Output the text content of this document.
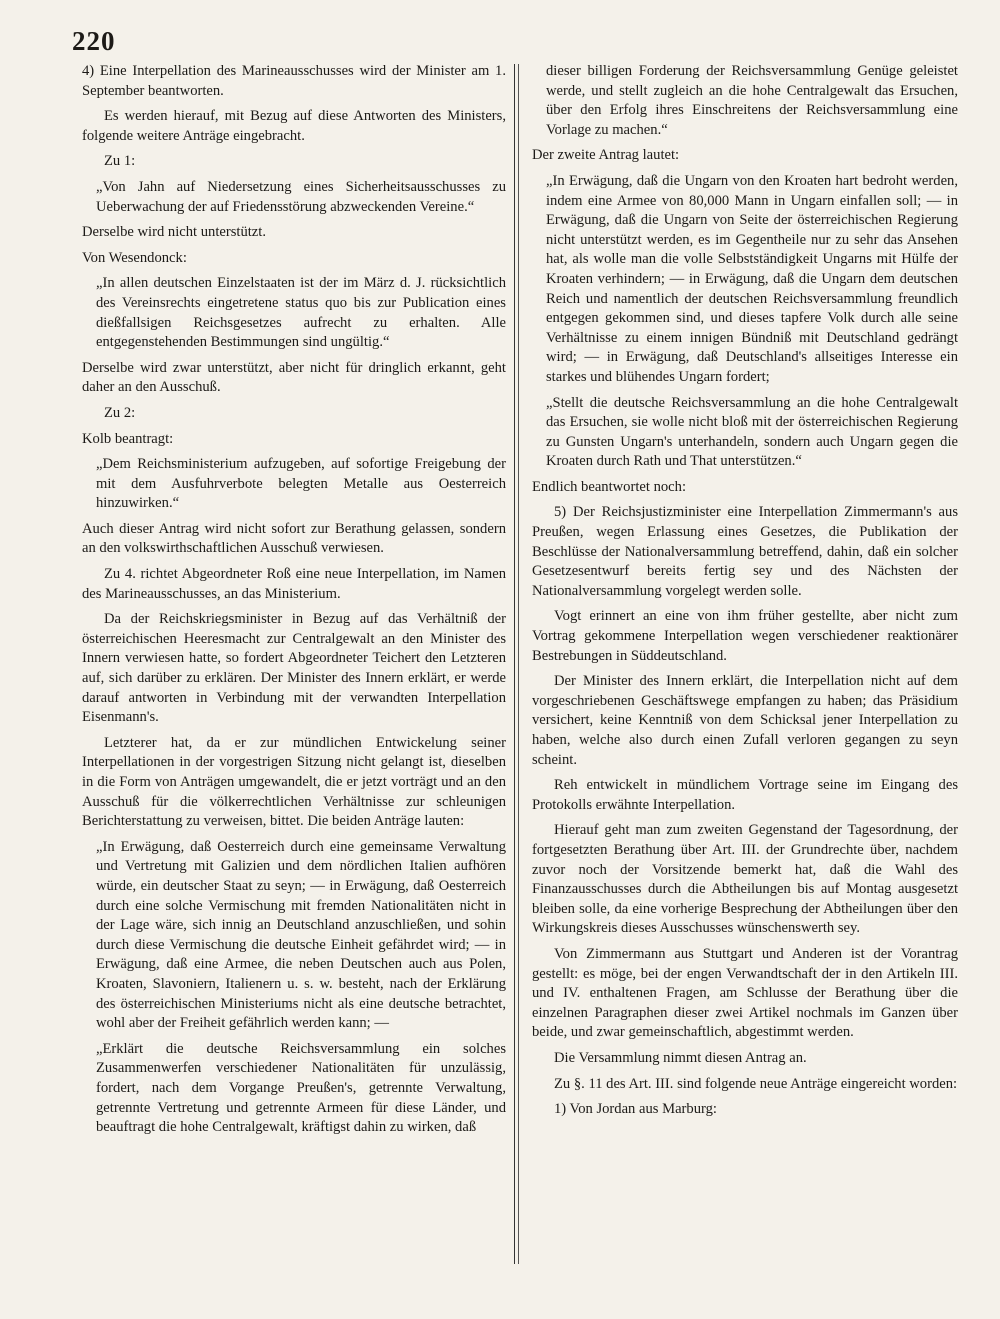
220

4) Eine Interpellation des Marineausschusses wird der Minister am 1. September beantworten.

Es werden hierauf, mit Bezug auf diese Antworten des Ministers, folgende weitere Anträge eingebracht.

Zu 1:

„Von Jahn auf Niedersetzung eines Sicherheitsausschusses zu Ueberwachung der auf Friedensstörung abzweckenden Vereine.“

Derselbe wird nicht unterstützt.

Von Wesendonck:

„In allen deutschen Einzelstaaten ist der im März d. J. rücksichtlich des Vereinsrechts eingetretene status quo bis zur Publication eines dießfallsigen Reichsgesetzes aufrecht zu erhalten. Alle entgegenstehenden Bestimmungen sind ungültig.“

Derselbe wird zwar unterstützt, aber nicht für dringlich erkannt, geht daher an den Ausschuß.

Zu 2:

Kolb beantragt:

„Dem Reichsministerium aufzugeben, auf sofortige Freigebung der mit dem Ausfuhrverbote belegten Metalle aus Oesterreich hinzuwirken.“

Auch dieser Antrag wird nicht sofort zur Berathung gelassen, sondern an den volkswirthschaftlichen Ausschuß verwiesen.

Zu 4. richtet Abgeordneter Roß eine neue Interpellation, im Namen des Marineausschusses, an das Ministerium.

Da der Reichskriegsminister in Bezug auf das Verhältniß der österreichischen Heeresmacht zur Centralgewalt an den Minister des Innern verwiesen hatte, so fordert Abgeordneter Teichert den Letzteren auf, sich darüber zu erklären. Der Minister des Innern erklärt, er werde darauf antworten in Verbindung mit der verwandten Interpellation Eisenmann's.

Letzterer hat, da er zur mündlichen Entwickelung seiner Interpellationen in der vorgestrigen Sitzung nicht gelangt ist, dieselben in die Form von Anträgen umgewandelt, die er jetzt vorträgt und an den Ausschuß für die völkerrechtlichen Verhältnisse zur schleunigen Berichterstattung zu verweisen, bittet. Die beiden Anträge lauten:

„In Erwägung, daß Oesterreich durch eine gemeinsame Verwaltung und Vertretung mit Galizien und dem nördlichen Italien aufhören würde, ein deutscher Staat zu seyn; — in Erwägung, daß Oesterreich durch eine solche Vermischung mit fremden Nationalitäten nicht in der Lage wäre, sich innig an Deutschland anzuschließen, und sohin durch diese Vermischung die deutsche Einheit gefährdet wird; — in Erwägung, daß eine Armee, die neben Deutschen auch aus Polen, Kroaten, Slavoniern, Italienern u. s. w. besteht, nach der Erklärung des österreichischen Ministeriums nicht als eine deutsche betrachtet, wohl aber der Freiheit gefährlich werden kann; —

„Erklärt die deutsche Reichsversammlung ein solches Zusammenwerfen verschiedener Nationalitäten für unzulässig, fordert, nach dem Vorgange Preußen's, getrennte Verwaltung, getrennte Vertretung und getrennte Armeen für diese Länder, und beauftragt die hohe Centralgewalt, kräftigst dahin zu wirken, daß

dieser billigen Forderung der Reichsversammlung Genüge geleistet werde, und stellt zugleich an die hohe Centralgewalt das Ersuchen, über den Erfolg ihres Einschreitens der Reichsversammlung eine Vorlage zu machen.“

Der zweite Antrag lautet:

„In Erwägung, daß die Ungarn von den Kroaten hart bedroht werden, indem eine Armee von 80,000 Mann in Ungarn einfallen soll; — in Erwägung, daß die Ungarn von Seite der österreichischen Regierung nicht unterstützt werden, es im Gegentheile nur zu sehr das Ansehen hat, als wolle man die volle Selbstständigkeit Ungarns mit Hülfe der Kroaten verhindern; — in Erwägung, daß die Ungarn dem deutschen Reich und namentlich der deutschen Reichsversammlung freundlich entgegen gekommen sind, und dieses tapfere Volk durch alle seine Verhältnisse zu einem innigen Bündniß mit Deutschland gedrängt wird; — in Erwägung, daß Deutschland's allseitiges Interesse ein starkes und blühendes Ungarn fordert;

„Stellt die deutsche Reichsversammlung an die hohe Centralgewalt das Ersuchen, sie wolle nicht bloß mit der österreichischen Regierung zu Gunsten Ungarn's unterhandeln, sondern auch Ungarn gegen die Kroaten durch Rath und That unterstützen.“

Endlich beantwortet noch:

5) Der Reichsjustizminister eine Interpellation Zimmermann's aus Preußen, wegen Erlassung eines Gesetzes, die Publikation der Beschlüsse der Nationalversammlung betreffend, dahin, daß ein solcher Gesetzesentwurf bereits fertig sey und des Nächsten der Nationalversammlung vorgelegt werden solle.

Vogt erinnert an eine von ihm früher gestellte, aber nicht zum Vortrag gekommene Interpellation wegen verschiedener reaktionärer Bestrebungen in Süddeutschland.

Der Minister des Innern erklärt, die Interpellation nicht auf dem vorgeschriebenen Geschäftswege empfangen zu haben; das Präsidium versichert, keine Kenntniß von dem Schicksal jener Interpellation zu haben, welche also durch einen Zufall verloren gegangen zu seyn scheint.

Reh entwickelt in mündlichem Vortrage seine im Eingang des Protokolls erwähnte Interpellation.

Hierauf geht man zum zweiten Gegenstand der Tagesordnung, der fortgesetzten Berathung über Art. III. der Grundrechte über, nachdem zuvor noch der Vorsitzende bemerkt hat, daß die Wahl des Finanzausschusses durch die Abtheilungen bis auf Montag ausgesetzt bleiben solle, da eine vorherige Besprechung der Abtheilungen über den Wirkungskreis dieses Ausschusses wünschenswerth sey.

Von Zimmermann aus Stuttgart und Anderen ist der Vorantrag gestellt: es möge, bei der engen Verwandtschaft der in den Artikeln III. und IV. enthaltenen Fragen, am Schlusse der Berathung über die einzelnen Paragraphen dieser zwei Artikel nochmals im Ganzen über beide, und zwar gemeinschaftlich, abgestimmt werden.

Die Versammlung nimmt diesen Antrag an.

Zu §. 11 des Art. III. sind folgende neue Anträge eingereicht worden:

1) Von Jordan aus Marburg:
